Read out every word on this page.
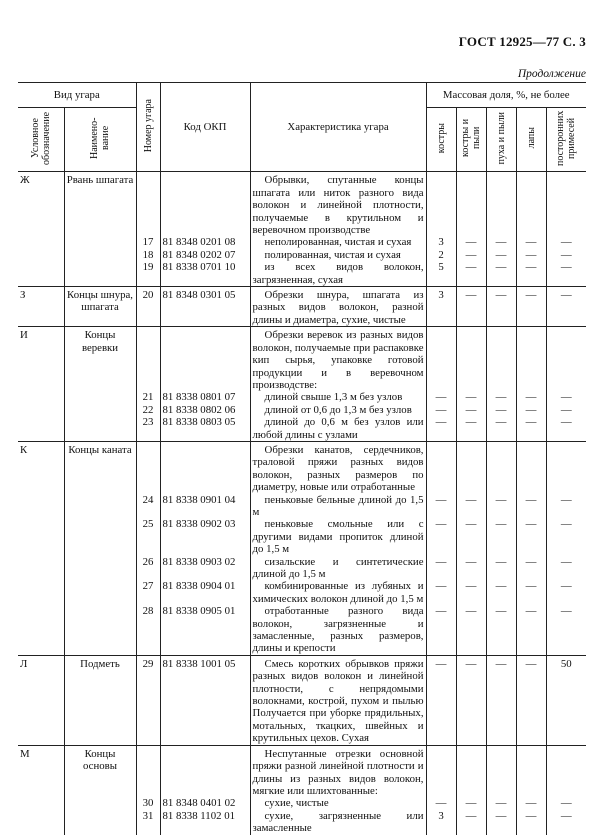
ГОСТ 12925—77 С. 3
Продолжение
Вид угара		Номер угара	Код ОКП	Характеристика угара	Массовая доля, %, не более				
Условное обозначение	Наимено-вание				костры	костры и пыли	пуха и пыли	лапы	посторонних примесей
Ж	Рвань шпагата			Обрывки, спутанные концы шпагата или ниток разного вида волокон и линейной плотности, получаемые в крутильном и веревочном производстве					
		17	81 8348 0201 08	неполированная, чистая и сухая	3	—	—	—	—
		18	81 8348 0202 07	полированная, чистая и сухая	2	—	—	—	—
		19	81 8338 0701 10	из всех видов волокон, загрязненная, сухая	5	—	—	—	—
З	Концы шнура, шпагата	20	81 8348 0301 05	Обрезки шнура, шпагата из разных видов волокон, разной длины и диаметра, сухие, чистые	3	—	—	—	—
И	Концы веревки			Обрезки веревок из разных видов волокон, получаемые при распаковке кип сырья, упаковке готовой продукции и в веревочном производстве:					
		21	81 8338 0801 07	длиной свыше 1,3 м без узлов	—	—	—	—	—
		22	81 8338 0802 06	длиной от 0,6 до 1,3 м без узлов	—	—	—	—	—
		23	81 8338 0803 05	длиной до 0,6 м без узлов или любой длины с узлами	—	—	—	—	—
К	Концы каната			Обрезки канатов, сердечников, траловой пряжи разных видов волокон, разных размеров по диаметру, новые или отработанные					
		24	81 8338 0901 04	пеньковые бельные длиной до 1,5 м	—	—	—	—	—
		25	81 8338 0902 03	пеньковые смольные или с другими видами пропиток длиной до 1,5 м	—	—	—	—	—
		26	81 8338 0903 02	сизальские и синтетические длиной до 1,5 м	—	—	—	—	—
		27	81 8338 0904 01	комбинированные из лубяных и химических волокон длиной до 1,5 м	—	—	—	—	—
		28	81 8338 0905 01	отработанные разного вида волокон, загрязненные и замасленные, разных размеров, длины и крепости	—	—	—	—	—
Л	Подметь	29	81 8338 1001 05	Смесь коротких обрывков пряжи разных видов волокон и линейной плотности, с непрядомыми волокнами, кострой, пухом и пылью Получается при уборке прядильных, мотальных, ткацких, швейных и крутильных цехов. Сухая	—	—	—	—	50
М	Концы основы			Неспутанные отрезки основной пряжи разной линейной плотности и длины из разных видов волокон, мягкие или шлихтованные:					
		30	81 8348 0401 02	сухие, чистые	—	—	—	—	—
		31	81 8338 1102 01	сухие, загрязненные или замасленные	3	—	—	—	—
